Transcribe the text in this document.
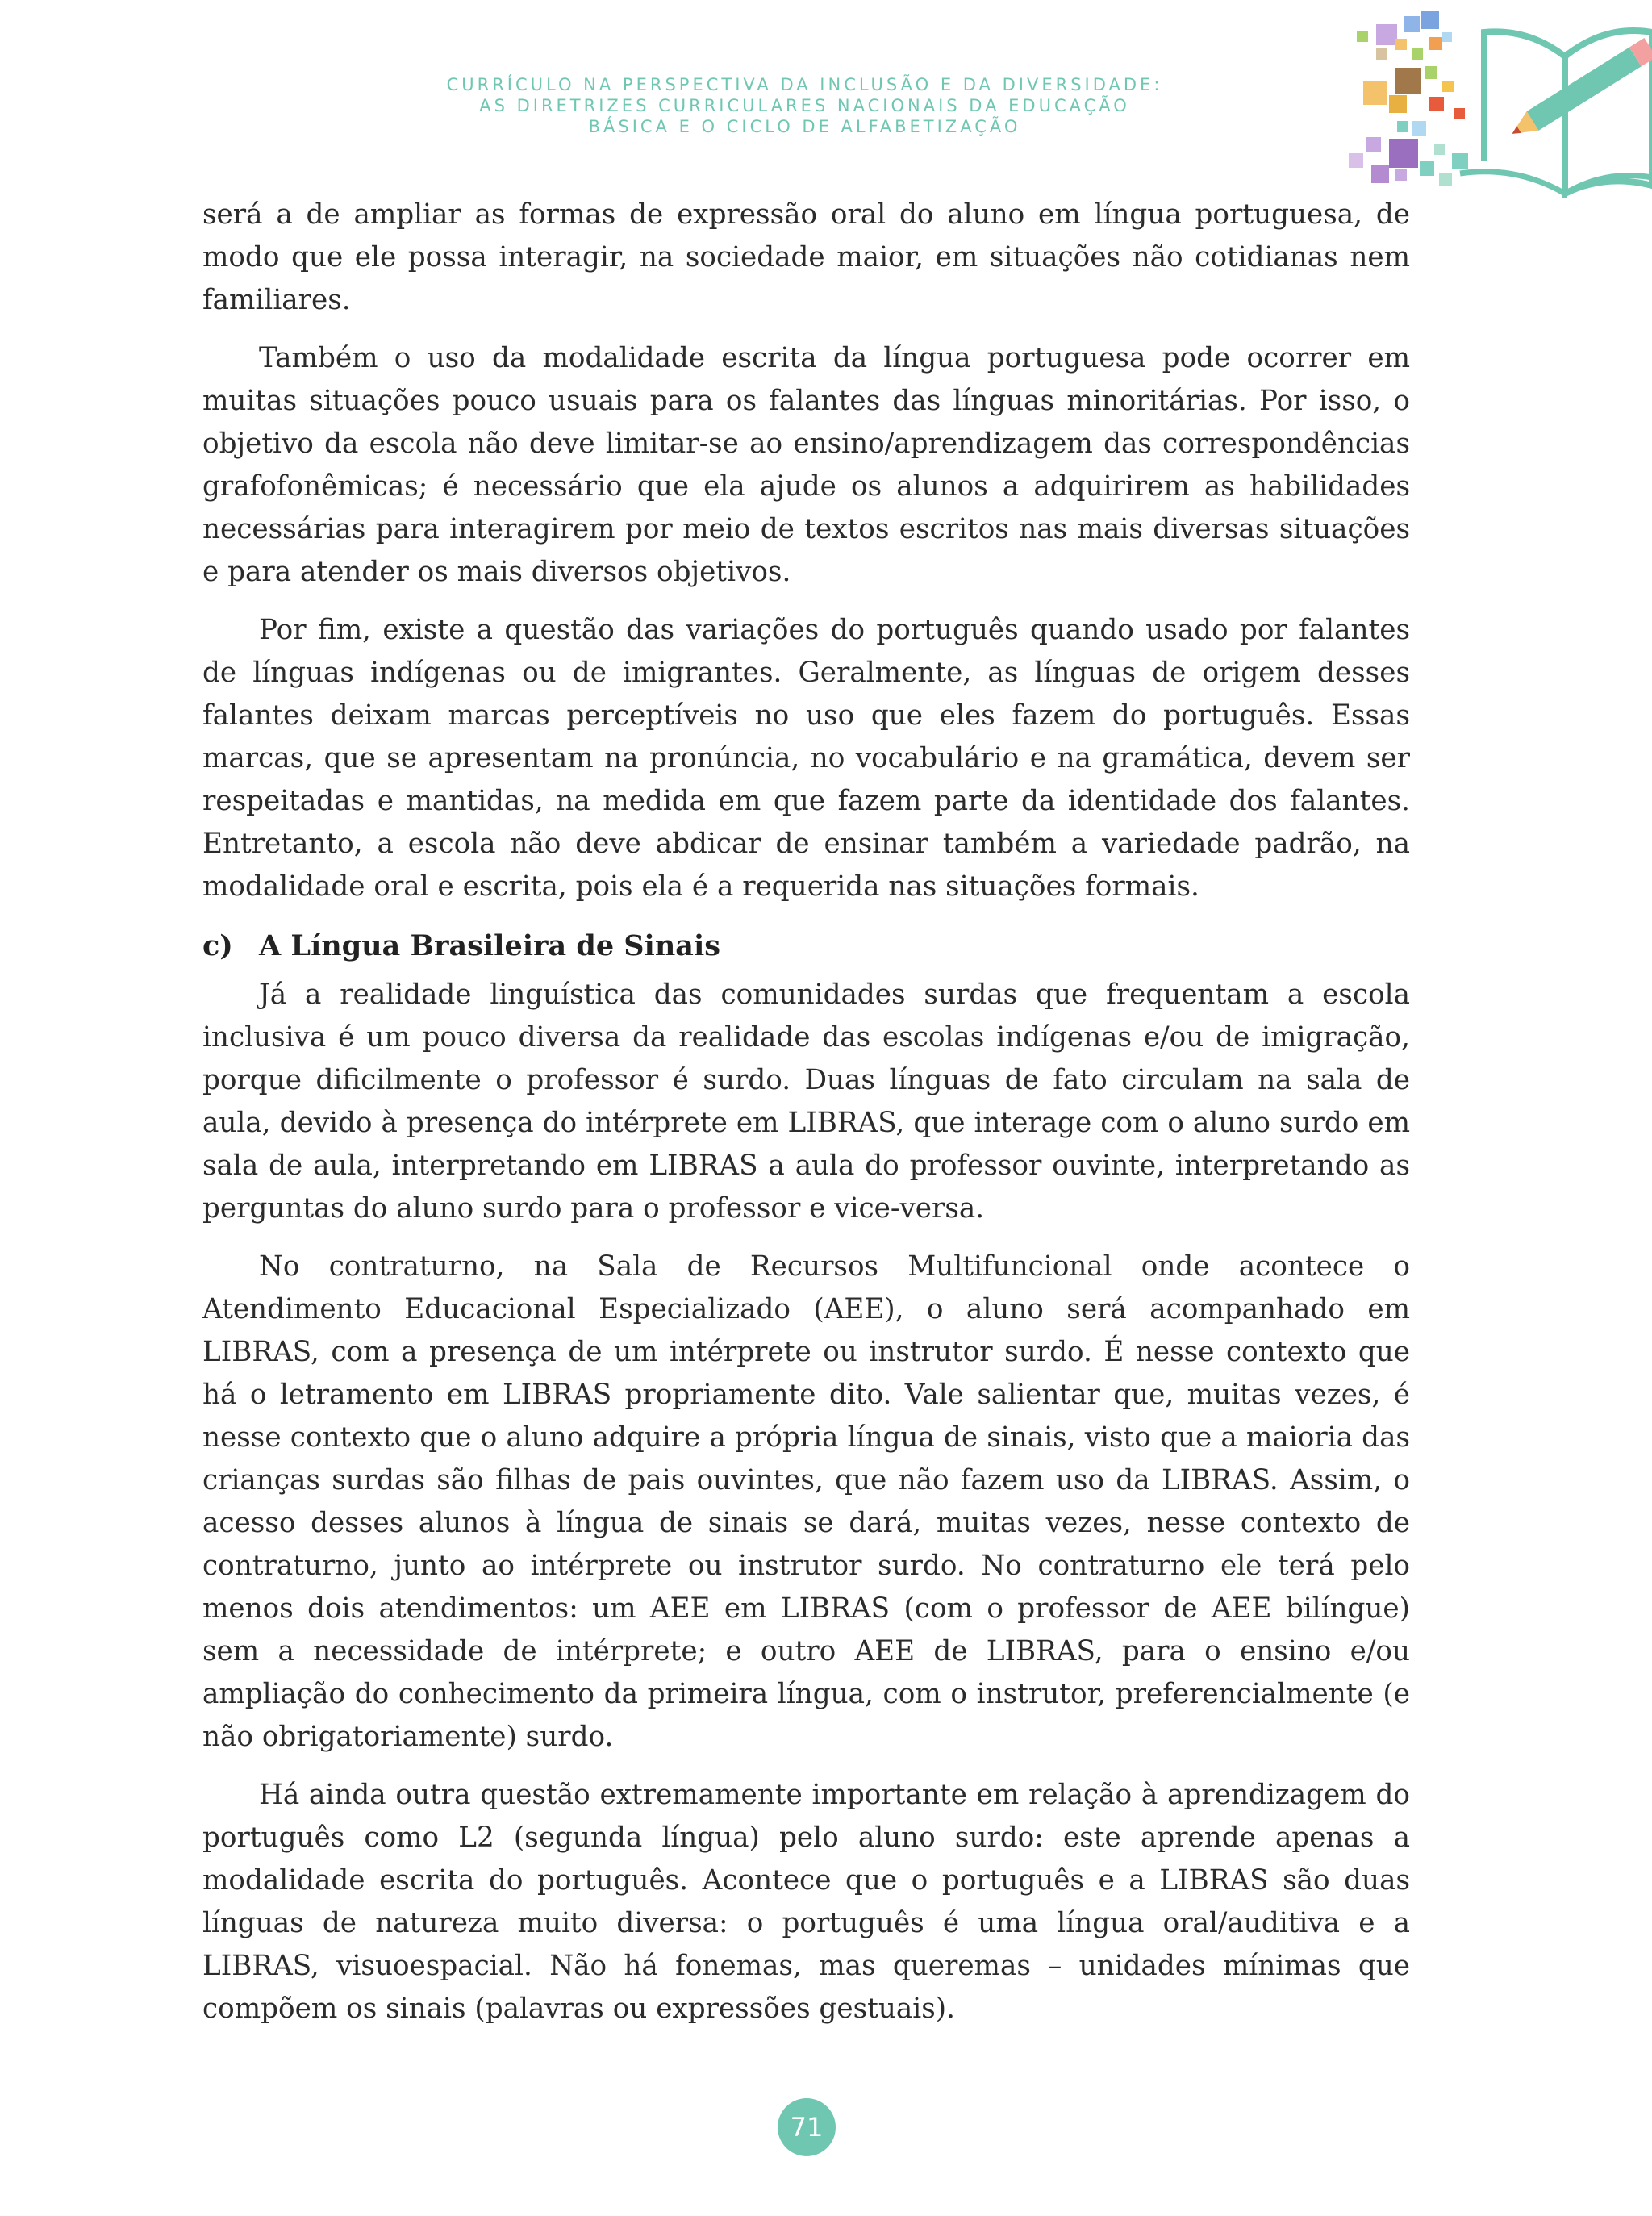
CURRÍCULO NA PERSPECTIVA DA INCLUSÃO E DA DIVERSIDADE:
AS DIRETRIZES CURRICULARES NACIONAIS DA EDUCAÇÃO
BÁSICA E O CICLO DE ALFABETIZAÇÃO

será a de ampliar as formas de expressão oral do aluno em língua portuguesa, de modo que ele possa interagir, na sociedade maior, em situações não cotidianas nem familiares.

Também o uso da modalidade escrita da língua portuguesa pode ocorrer em muitas situações pouco usuais para os falantes das línguas minoritárias. Por isso, o objetivo da escola não deve limitar-se ao ensino/aprendizagem das correspondências grafofonêmicas; é necessário que ela ajude os alunos a adquirirem as habilidades necessárias para interagirem por meio de textos escritos nas mais diversas situações e para atender os mais diversos objetivos.

Por fim, existe a questão das variações do português quando usado por falantes de línguas indígenas ou de imigrantes. Geralmente, as línguas de origem desses falantes deixam marcas perceptíveis no uso que eles fazem do português. Essas marcas, que se apresentam na pronúncia, no vocabulário e na gramática, devem ser respeitadas e mantidas, na medida em que fazem parte da identidade dos falantes. Entretanto, a escola não deve abdicar de ensinar também a variedade padrão, na modalidade oral e escrita, pois ela é a requerida nas situações formais.

c) A Língua Brasileira de Sinais

Já a realidade linguística das comunidades surdas que frequentam a escola inclusiva é um pouco diversa da realidade das escolas indígenas e/ou de imigração, porque dificilmente o professor é surdo. Duas línguas de fato circulam na sala de aula, devido à presença do intérprete em LIBRAS, que interage com o aluno surdo em sala de aula, interpretando em LIBRAS a aula do professor ouvinte, interpretando as perguntas do aluno surdo para o professor e vice-versa.

No contraturno, na Sala de Recursos Multifuncional onde acontece o Atendimento Educacional Especializado (AEE), o aluno será acompanhado em LIBRAS, com a presença de um intérprete ou instrutor surdo. É nesse contexto que há o letramento em LIBRAS propriamente dito. Vale salientar que, muitas vezes, é nesse contexto que o aluno adquire a própria língua de sinais, visto que a maioria das crianças surdas são filhas de pais ouvintes, que não fazem uso da LIBRAS. Assim, o acesso desses alunos à língua de sinais se dará, muitas vezes, nesse contexto de contraturno, junto ao intérprete ou instrutor surdo. No contraturno ele terá pelo menos dois atendimentos: um AEE em LIBRAS (com o professor de AEE bilíngue) sem a necessidade de intérprete; e outro AEE de LIBRAS, para o ensino e/ou ampliação do conhecimento da primeira língua, com o instrutor, preferencialmente (e não obrigatoriamente) surdo.

Há ainda outra questão extremamente importante em relação à aprendizagem do português como L2 (segunda língua) pelo aluno surdo: este aprende apenas a modalidade escrita do português. Acontece que o português e a LIBRAS são duas línguas de natureza muito diversa: o português é uma língua oral/auditiva e a LIBRAS, visuoespacial. Não há fonemas, mas queremas – unidades mínimas que compõem os sinais (palavras ou expressões gestuais).

71
